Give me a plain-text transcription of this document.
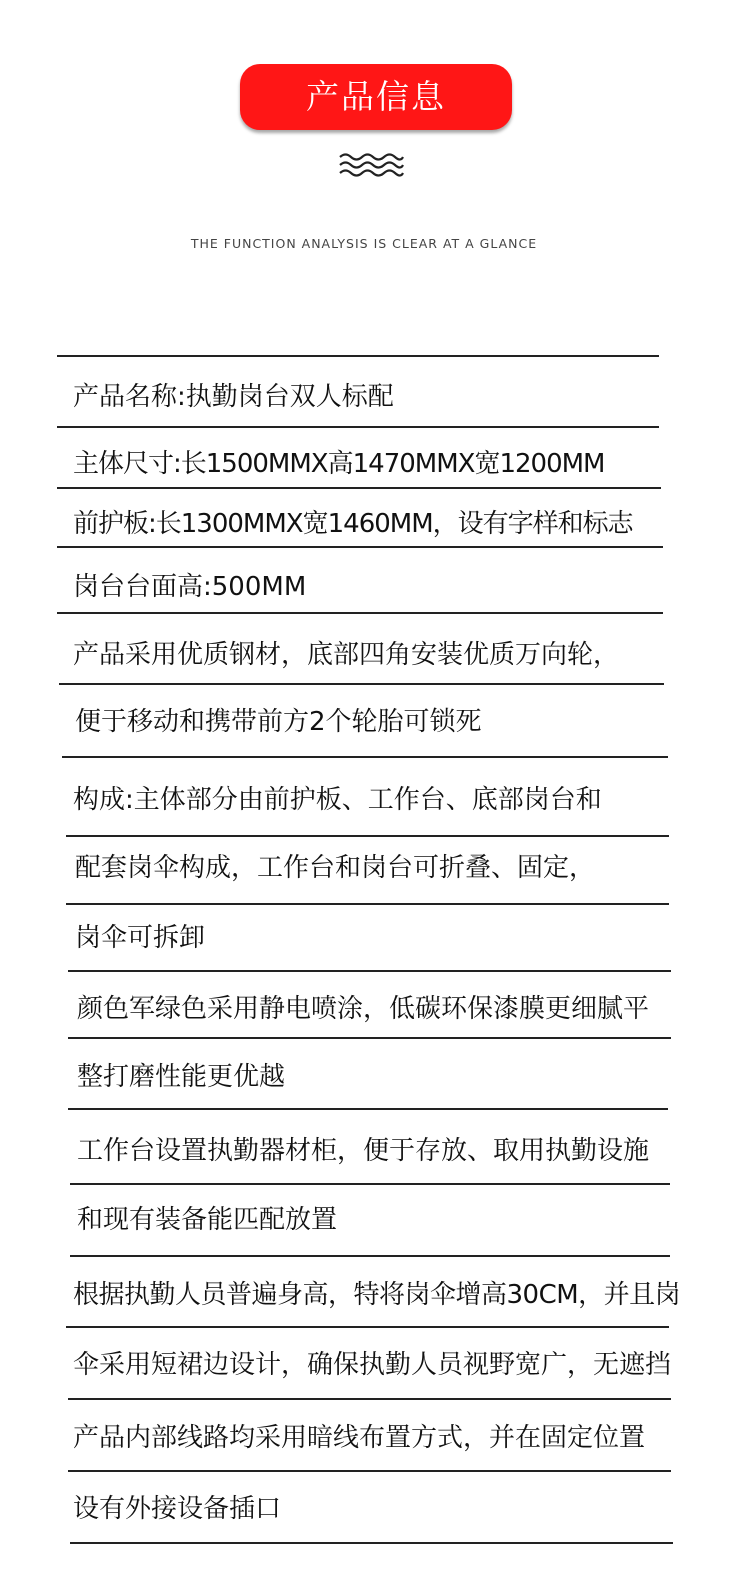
产品信息
THE FUNCTION ANALYSIS IS CLEAR AT A GLANCE
产品名称:执勤岗台双人标配
主体尺寸:长1500MMX高1470MMX宽1200MM
前护板:长1300MMX宽1460MM，设有字样和标志
岗台台面高:500MM
产品采用优质钢材，底部四角安装优质万向轮，
便于移动和携带前方2个轮胎可锁死
构成:主体部分由前护板、工作台、底部岗台和
配套岗伞构成，工作台和岗台可折叠、固定，
岗伞可拆卸
颜色军绿色采用静电喷涂，低碳环保漆膜更细腻平
整打磨性能更优越
工作台设置执勤器材柜，便于存放、取用执勤设施
和现有装备能匹配放置
根据执勤人员普遍身高，特将岗伞增高30CM，并且岗
伞采用短裙边设计，确保执勤人员视野宽广，无遮挡
产品内部线路均采用暗线布置方式，并在固定位置
设有外接设备插口
